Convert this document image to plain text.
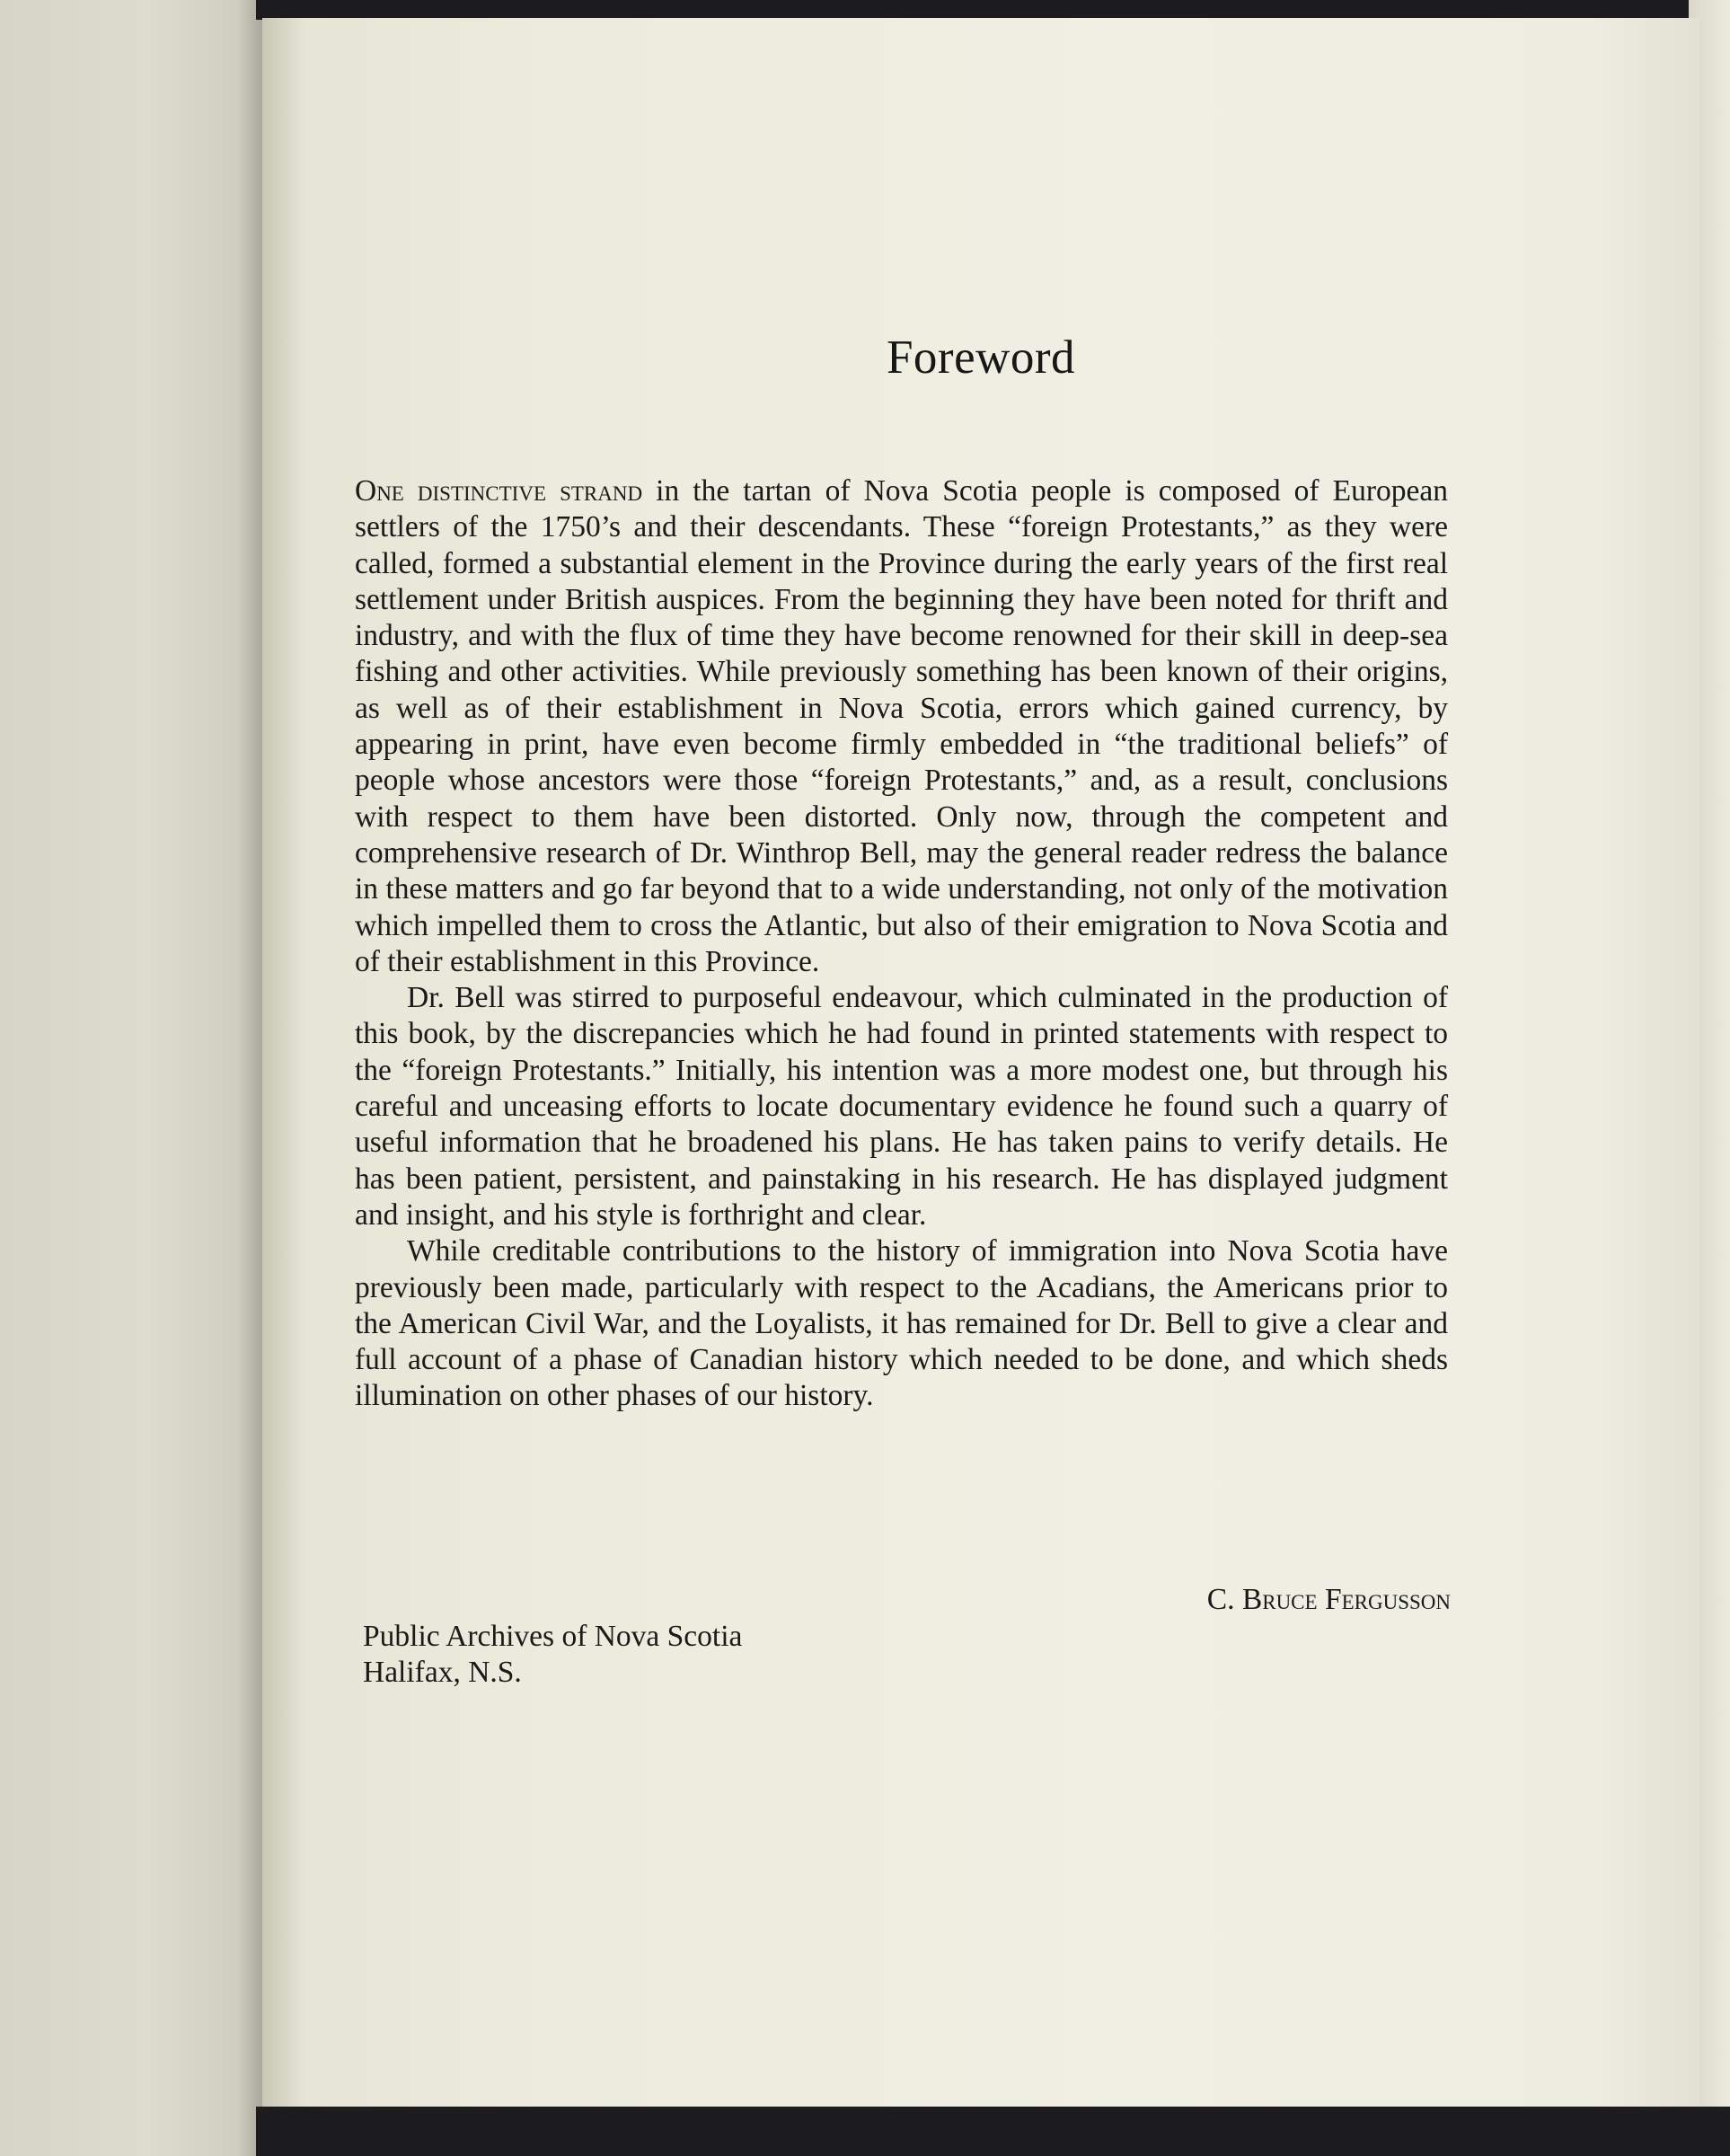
Foreword

One distinctive strand in the tartan of Nova Scotia people is composed of European settlers of the 1750’s and their descendants. These “foreign Protestants,” as they were called, formed a substantial element in the Province during the early years of the first real settlement under British auspices. From the beginning they have been noted for thrift and industry, and with the flux of time they have become renowned for their skill in deep-sea fishing and other activities. While previously something has been known of their origins, as well as of their establishment in Nova Scotia, errors which gained currency, by appearing in print, have even become firmly embedded in “the traditional beliefs” of people whose ancestors were those “foreign Protestants,” and, as a result, conclusions with respect to them have been distorted. Only now, through the competent and comprehensive research of Dr. Winthrop Bell, may the general reader redress the balance in these matters and go far beyond that to a wide understanding, not only of the motivation which impelled them to cross the Atlantic, but also of their emigration to Nova Scotia and of their establishment in this Province.

Dr. Bell was stirred to purposeful endeavour, which culminated in the production of this book, by the discrepancies which he had found in printed statements with respect to the “foreign Protestants.” Initially, his intention was a more modest one, but through his careful and unceasing efforts to locate documentary evidence he found such a quarry of useful information that he broadened his plans. He has taken pains to verify details. He has been patient, persistent, and painstaking in his research. He has displayed judgment and insight, and his style is forthright and clear.

While creditable contributions to the history of immigration into Nova Scotia have previously been made, particularly with respect to the Acadians, the Americans prior to the American Civil War, and the Loyalists, it has remained for Dr. Bell to give a clear and full account of a phase of Canadian history which needed to be done, and which sheds illumination on other phases of our history.

C. Bruce Fergusson

Public Archives of Nova Scotia
Halifax, N.S.
